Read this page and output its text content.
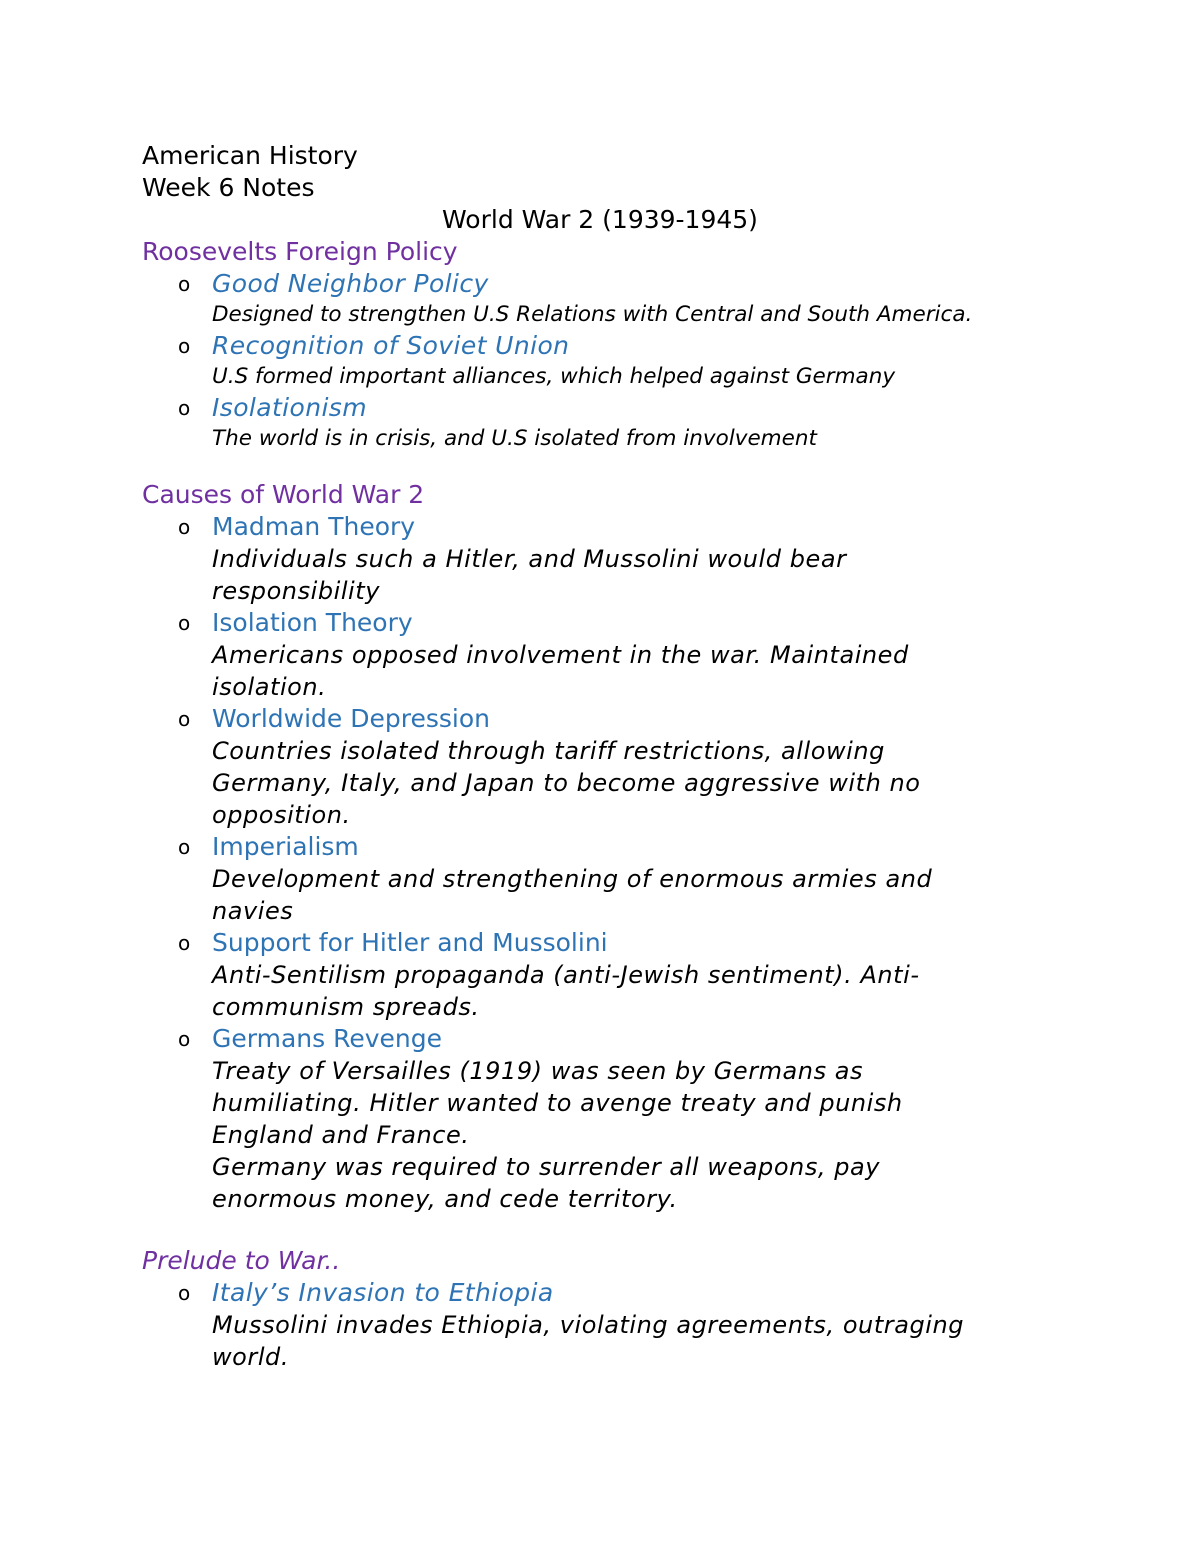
American History
Week 6 Notes
World War 2 (1939-1945)
Roosevelts Foreign Policy
o Good Neighbor Policy
Designed to strengthen U.S Relations with Central and South America.
o Recognition of Soviet Union
U.S formed important alliances, which helped against Germany
o Isolationism
The world is in crisis, and U.S isolated from involvement
Causes of World War 2
o Madman Theory
Individuals such a Hitler, and Mussolini would bear
responsibility
o Isolation Theory
Americans opposed involvement in the war. Maintained
isolation.
o Worldwide Depression
Countries isolated through tariff restrictions, allowing
Germany, Italy, and Japan to become aggressive with no
opposition.
o Imperialism
Development and strengthening of enormous armies and
navies
o Support for Hitler and Mussolini
Anti-Sentilism propaganda (anti-Jewish sentiment). Anti-
communism spreads.
o Germans Revenge
Treaty of Versailles (1919) was seen by Germans as
humiliating. Hitler wanted to avenge treaty and punish
England and France.
Germany was required to surrender all weapons, pay
enormous money, and cede territory.
Prelude to War..
o Italy’s Invasion to Ethiopia
Mussolini invades Ethiopia, violating agreements, outraging
world.
